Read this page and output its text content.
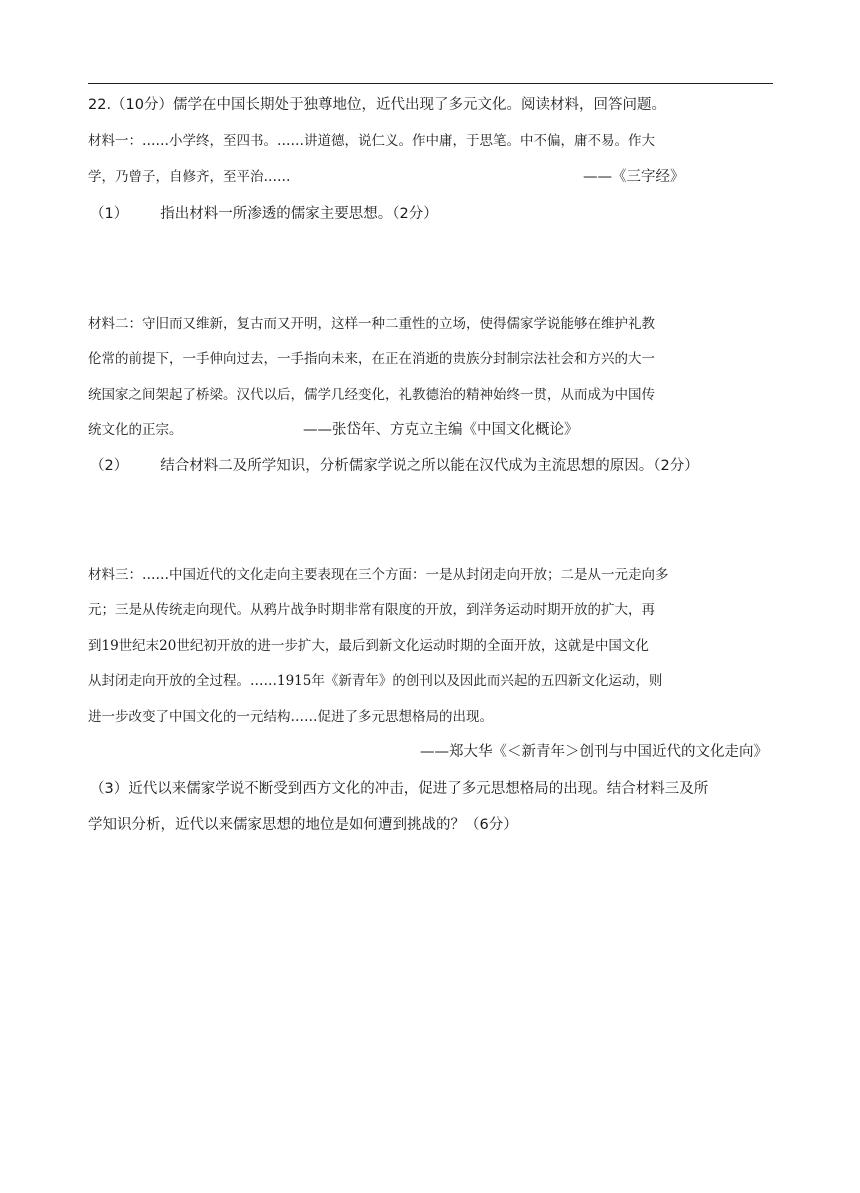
22.（10分）儒学在中国长期处于独尊地位，近代出现了多元文化。阅读材料，回答问题。
材料一：……小学终，至四书。……讲道德，说仁义。作中庸，于思笔。中不偏，庸不易。作大
学，乃曾子，自修齐，至平治……	——《三字经》
（1） 指出材料一所渗透的儒家主要思想。（2分）
材料二：守旧而又维新，复古而又开明，这样一种二重性的立场，使得儒家学说能够在维护礼教
伦常的前提下，一手伸向过去，一手指向未来，在正在消逝的贵族分封制宗法社会和方兴的大一
统国家之间架起了桥梁。汉代以后，儒学几经变化，礼教德治的精神始终一贯，从而成为中国传
统文化的正宗。	——张岱年、方克立主编《中国文化概论》
（2） 结合材料二及所学知识，分析儒家学说之所以能在汉代成为主流思想的原因。（2分）
材料三：……中国近代的文化走向主要表现在三个方面：一是从封闭走向开放；二是从一元走向多
元；三是从传统走向现代。从鸦片战争时期非常有限度的开放，到洋务运动时期开放的扩大，再
到19世纪末20世纪初开放的进一步扩大，最后到新文化运动时期的全面开放，这就是中国文化
从封闭走向开放的全过程。……1915年《新青年》的创刊以及因此而兴起的五四新文化运动，则
进一步改变了中国文化的一元结构……促进了多元思想格局的出现。
——郑大华《＜新青年＞创刊与中国近代的文化走向》
（3）近代以来儒家学说不断受到西方文化的冲击，促进了多元思想格局的出现。结合材料三及所
学知识分析，近代以来儒家思想的地位是如何遭到挑战的？（6分）
